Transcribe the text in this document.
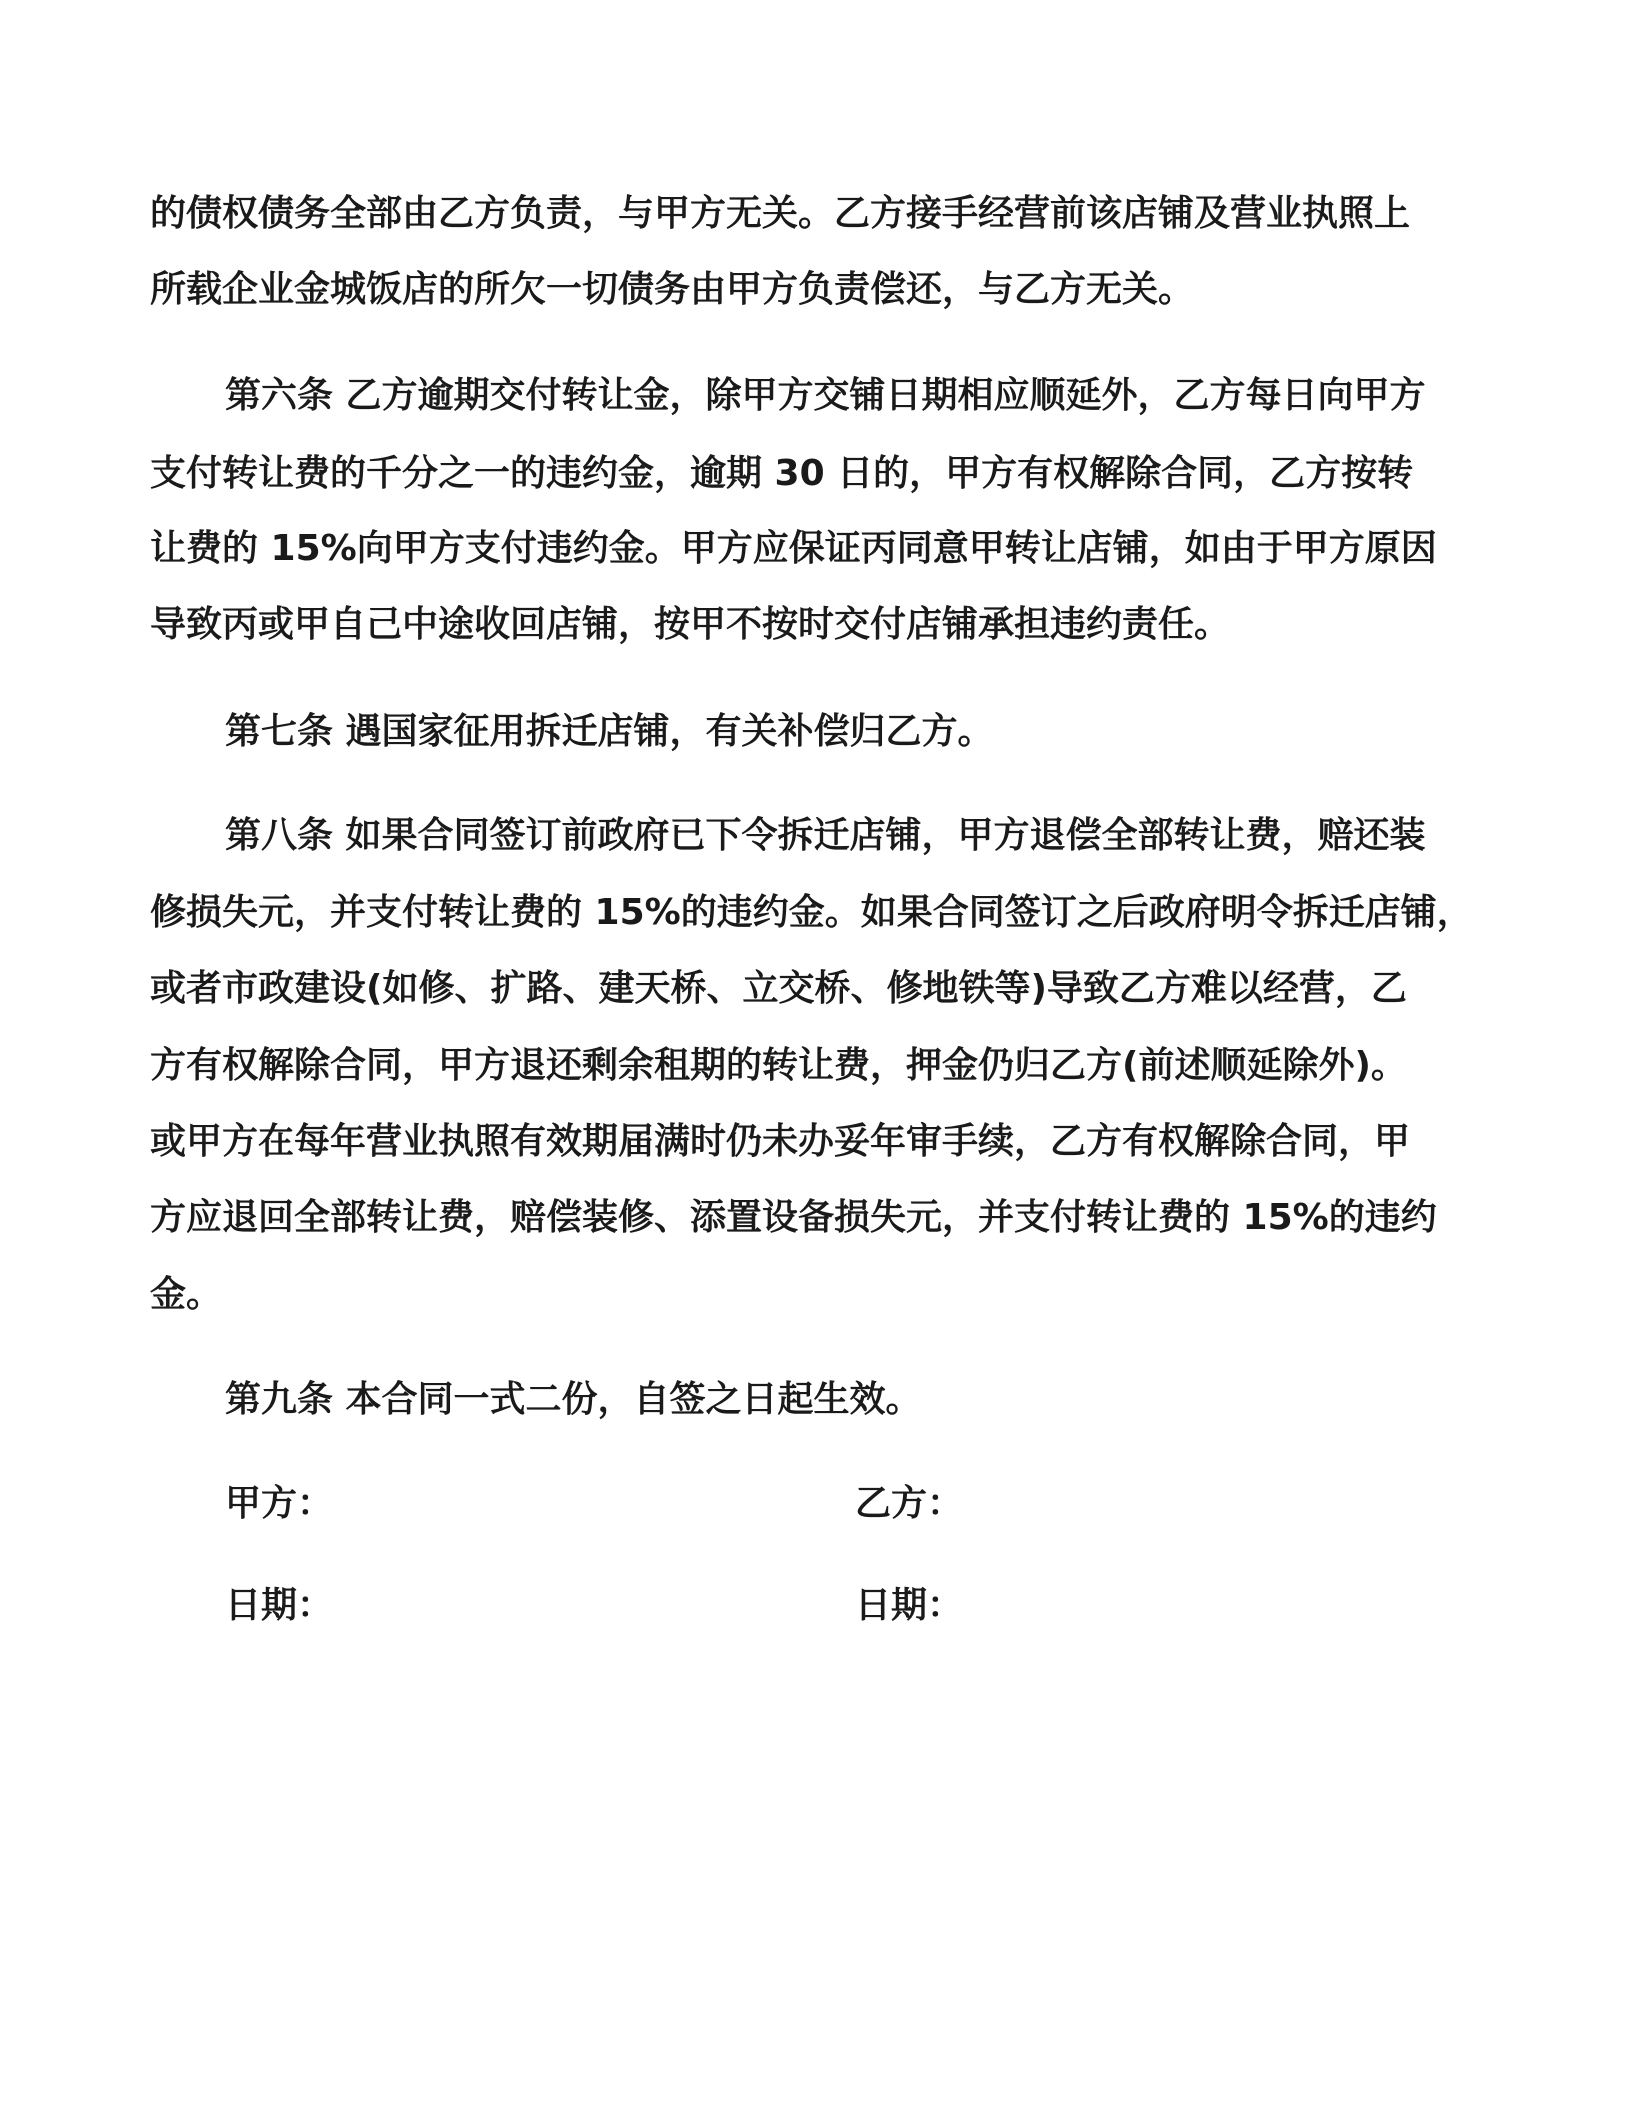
的债权债务全部由乙方负责，与甲方无关。乙方接手经营前该店铺及营业执照上
所载企业金城饭店的所欠一切债务由甲方负责偿还，与乙方无关。
第六条 乙方逾期交付转让金，除甲方交铺日期相应顺延外，乙方每日向甲方
支付转让费的千分之一的违约金，逾期 30 日的，甲方有权解除合同，乙方按转
让费的 15%向甲方支付违约金。甲方应保证丙同意甲转让店铺，如由于甲方原因
导致丙或甲自己中途收回店铺，按甲不按时交付店铺承担违约责任。
第七条 遇国家征用拆迁店铺，有关补偿归乙方。
第八条 如果合同签订前政府已下令拆迁店铺，甲方退偿全部转让费，赔还装
修损失元，并支付转让费的 15%的违约金。如果合同签订之后政府明令拆迁店铺，
或者市政建设(如修、扩路、建天桥、立交桥、修地铁等)导致乙方难以经营，乙
方有权解除合同，甲方退还剩余租期的转让费，押金仍归乙方(前述顺延除外)。
或甲方在每年营业执照有效期届满时仍未办妥年审手续，乙方有权解除合同，甲
方应退回全部转让费，赔偿装修、添置设备损失元，并支付转让费的 15%的违约
金。
第九条 本合同一式二份，自签之日起生效。
甲方：	乙方：
日期：	日期：
